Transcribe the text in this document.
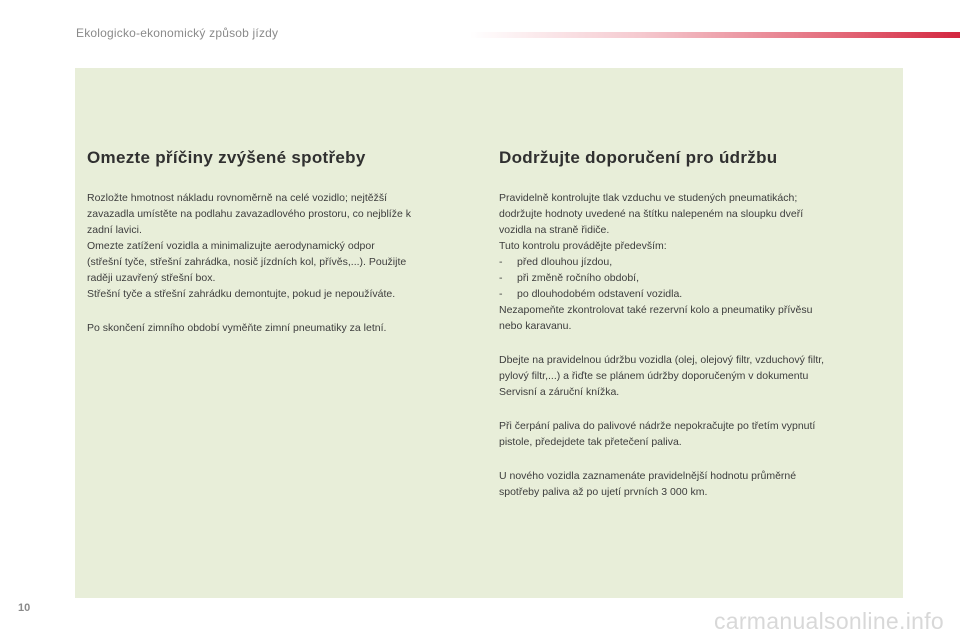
Ekologicko-ekonomický způsob jízdy
Omezte příčiny zvýšené spotřeby

Rozložte hmotnost nákladu rovnoměrně na celé vozidlo; nejtěžší
zavazadla umístěte na podlahu zavazadlového prostoru, co nejblíže k
zadní lavici.
Omezte zatížení vozidla a minimalizujte aerodynamický odpor
(střešní tyče, střešní zahrádka, nosič jízdních kol, přívěs,...). Použijte
raději uzavřený střešní box.
Střešní tyče a střešní zahrádku demontujte, pokud je nepoužíváte.

Po skončení zimního období vyměňte zimní pneumatiky za letní.

Dodržujte doporučení pro údržbu

Pravidelně kontrolujte tlak vzduchu ve studených pneumatikách;
dodržujte hodnoty uvedené na štítku nalepeném na sloupku dveří
vozidla na straně řidiče.
Tuto kontrolu provádějte především:
- před dlouhou jízdou,
- při změně ročního období,
- po dlouhodobém odstavení vozidla.
Nezapomeňte zkontrolovat také rezervní kolo a pneumatiky přívěsu
nebo karavanu.

Dbejte na pravidelnou údržbu vozidla (olej, olejový filtr, vzduchový filtr,
pylový filtr,...) a řiďte se plánem údržby doporučeným v dokumentu
Servisní a záruční knížka.

Při čerpání paliva do palivové nádrže nepokračujte po třetím vypnutí
pistole, předejdete tak přetečení paliva.

U nového vozidla zaznamenáte pravidelnější hodnotu průměrné
spotřeby paliva až po ujetí prvních 3 000 km.

10	carmanualsonline.info
